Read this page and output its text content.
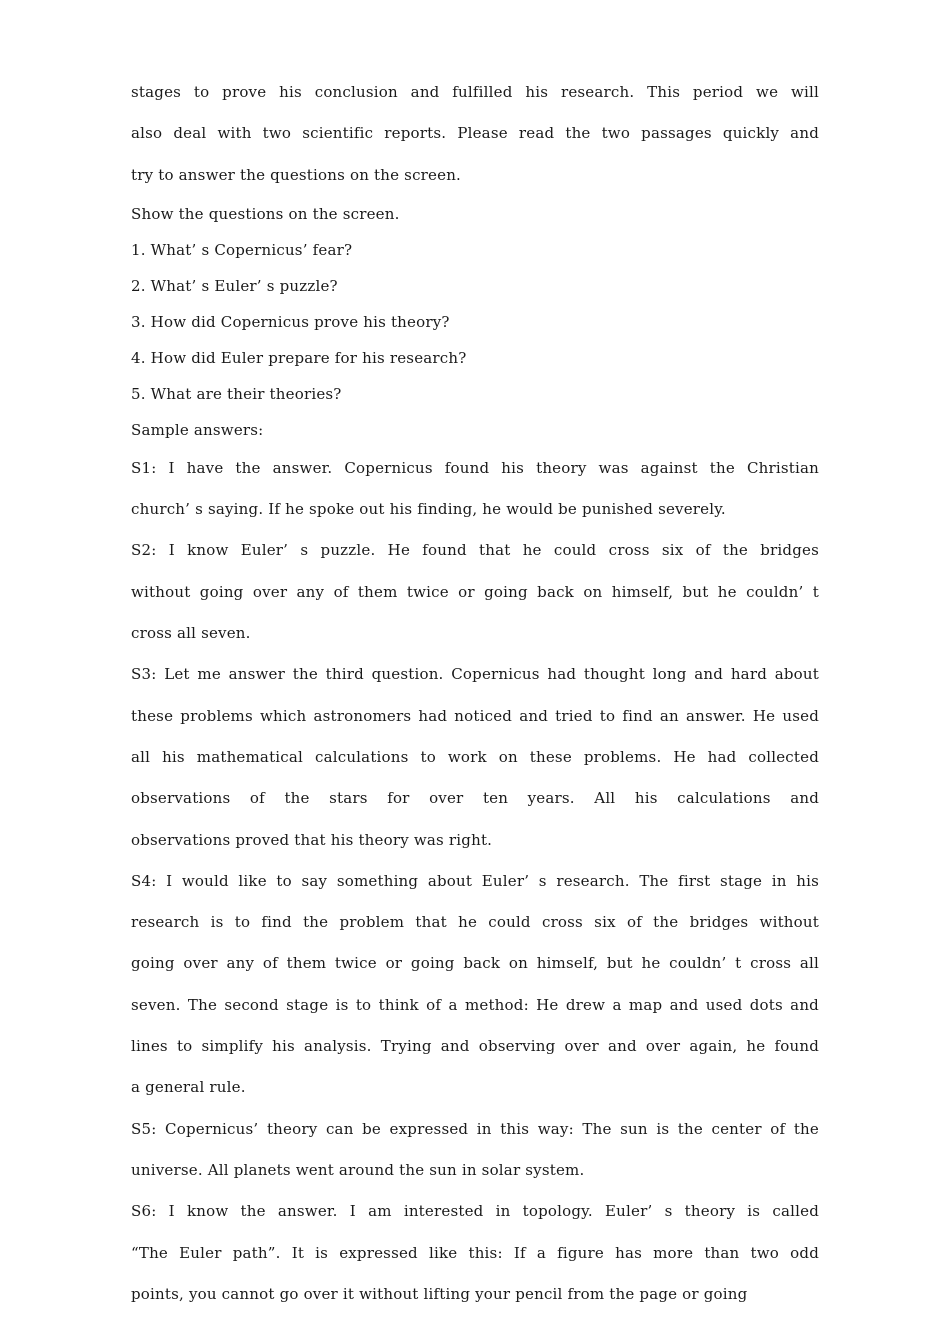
stages to prove his conclusion and fulfilled his research. This period we will
also deal with two scientific reports. Please read the two passages quickly and
try to answer the questions on the screen.
Show the questions on the screen.
1. What’ s Copernicus’ fear?
2. What’ s Euler’ s puzzle?
3. How did Copernicus prove his theory?
4. How did Euler prepare for his research?
5. What are their theories?
Sample answers:
S1: I have the answer. Copernicus found his theory was against the Christian
church’ s saying. If he spoke out his finding, he would be punished severely.
S2: I know Euler’ s puzzle. He found that he could cross six of the bridges
without going over any of them twice or going back on himself, but he couldn’ t
cross all seven.
S3: Let me answer the third question. Copernicus had thought long and hard about
these problems which astronomers had noticed and tried to find an answer. He used
all his mathematical calculations to work on these problems. He had collected
observations of the stars for over ten years. All his calculations and
observations proved that his theory was right.
S4: I would like to say something about Euler’ s research. The first stage in his
research is to find the problem that he could cross six of the bridges without
going over any of them twice or going back on himself, but he couldn’ t cross all
seven. The second stage is to think of a method: He drew a map and used dots and
lines to simplify his analysis. Trying and observing over and over again, he found
a general rule.
S5: Copernicus’ theory can be expressed in this way: The sun is the center of the
universe. All planets went around the sun in solar system.
S6: I know the answer. I am interested in topology. Euler’ s theory is called
“The Euler path”. It is expressed like this: If a figure has more than two odd
points, you cannot go over it without lifting your pencil from the page or going
